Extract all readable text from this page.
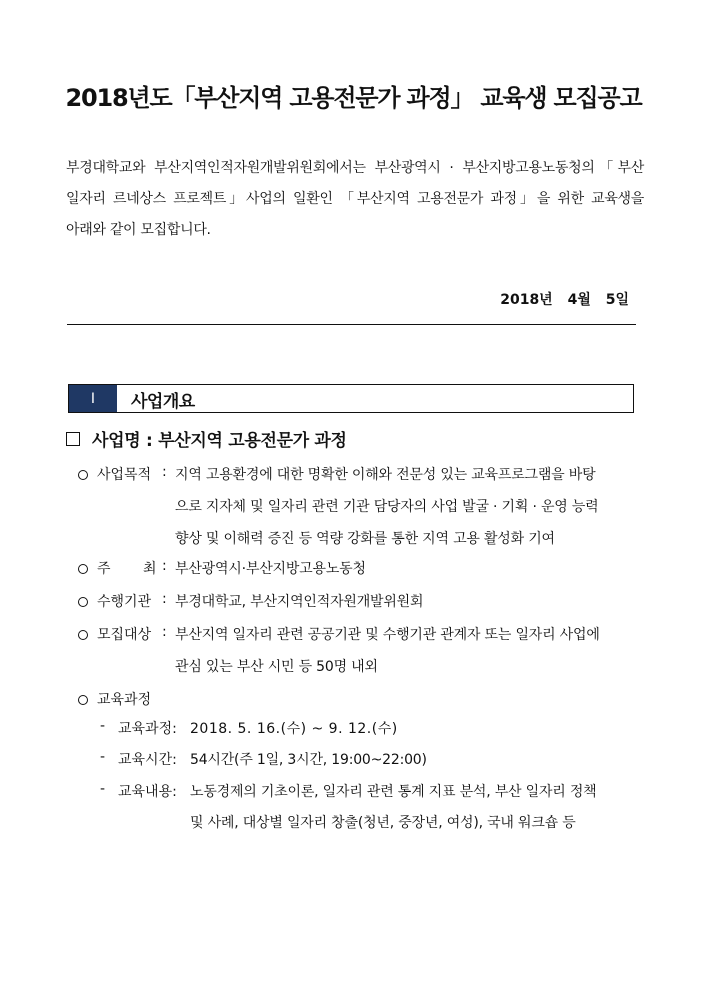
2018년도「부산지역 고용전문가 과정」 교육생 모집공고
부경대학교와 부산지역인적자원개발위원회에서는 부산광역시 · 부산지방고용노동청의「부산 일자리 르네상스 프로젝트」사업의 일환인 「부산지역 고용전문가 과정」을 위한 교육생을 아래와 같이 모집합니다.
2018년 4월 5일
Ⅰ	사업개요
사업명 : 부산지역 고용전문가 과정
사업목적 : 지역 고용환경에 대한 명확한 이해와 전문성 있는 교육프로그램을 바탕
으로 지자체 및 일자리 관련 기관 담당자의 사업 발굴 · 기획 · 운영 능력
향상 및 이해력 증진 등 역량 강화를 통한 지역 고용 활성화 기여
주 최 : 부산광역시·부산지방고용노동청
수행기관 : 부경대학교, 부산지역인적자원개발위원회
모집대상 : 부산지역 일자리 관련 공공기관 및 수행기관 관계자 또는 일자리 사업에
관심 있는 부산 시민 등 50명 내외
교육과정
- 교육과정: 2018. 5. 16.(수) ~ 9. 12.(수)
- 교육시간: 54시간(주 1일, 3시간, 19:00~22:00)
- 교육내용: 노동경제의 기초이론, 일자리 관련 통계 지표 분석, 부산 일자리 정책
및 사례, 대상별 일자리 창출(청년, 중장년, 여성), 국내 워크숍 등
